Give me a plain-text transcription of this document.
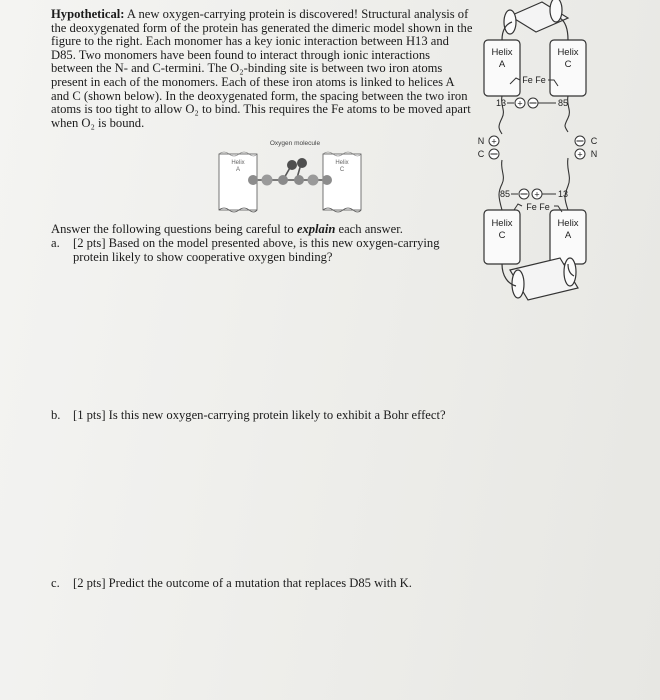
Hypothetical: A new oxygen-carrying protein is discovered! Structural analysis of the deoxygenated form of the protein has generated the dimeric model shown in the figure to the right. Each monomer has a key ionic interaction between H13 and D85. Two monomers have been found to interact through ionic interactions between the N- and C-termini. The O₂-binding site is between two iron atoms present in each of the monomers. Each of these iron atoms is linked to helices A and C (shown below). In the deoxygenated form, the spacing between the two iron atoms is too tight to allow O₂ to bind. This requires the Fe atoms to be moved apart when O₂ is bound.
Oxygen molecule
Helix
A
Helix
C
Helix
A
Helix
C
Fe Fe
13 +	85
N +
C
C
+ N
85	+ 13
Fe Fe
Helix
C
Helix
A
Answer the following questions being careful to explain each answer.
a.	[2 pts] Based on the model presented above, is this new oxygen-carrying protein likely to show cooperative oxygen binding?
b. [1 pts] Is this new oxygen-carrying protein likely to exhibit a Bohr effect?
c.	[2 pts] Predict the outcome of a mutation that replaces D85 with K.
